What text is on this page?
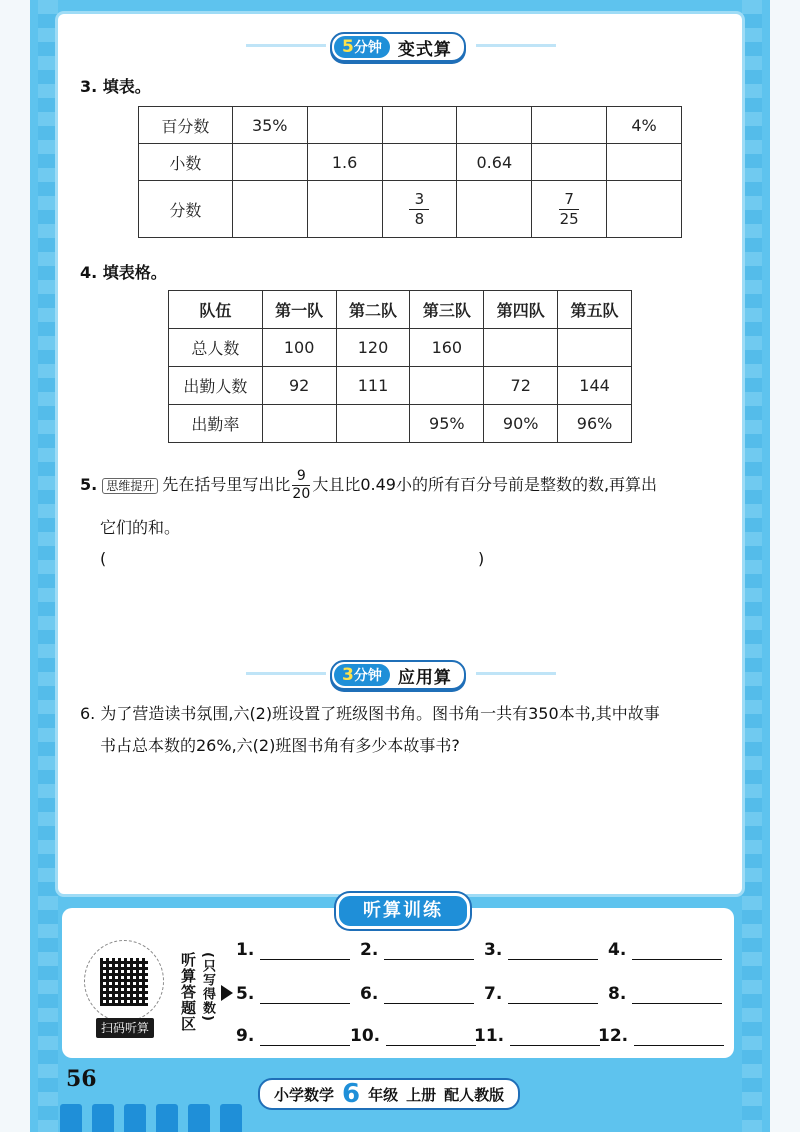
5分钟 变式算
3. 填表。
百分数	35%					4%
小数		1.6		0.64		
分数			$\frac{3}{8}$		$\frac{7}{25}$

4. 填表格。
队伍	第一队	第二队	第三队	第四队	第五队
总人数	100	120	160		
出勤人数	92	111		72	144
出勤率			95%	90%	96%
5. 思维提升 先在括号里写出比 $\frac{9}{20}$ 大且比0.49小的所有百分号前是整数的数,再算出
它们的和。
(	)
3分钟 应用算
6. 为了营造读书氛围,六(2)班设置了班级图书角。图书角一共有350本书,其中故事
书占总本数的26%,六(2)班图书角有多少本故事书?
听算训练
扫码听算	听算答题区 (只写得数)
1.	2.	3.	4.
5.	6.	7.	8.
9.	10.	11.	12.
56
小学数学 6 年级 上册 配人教版
